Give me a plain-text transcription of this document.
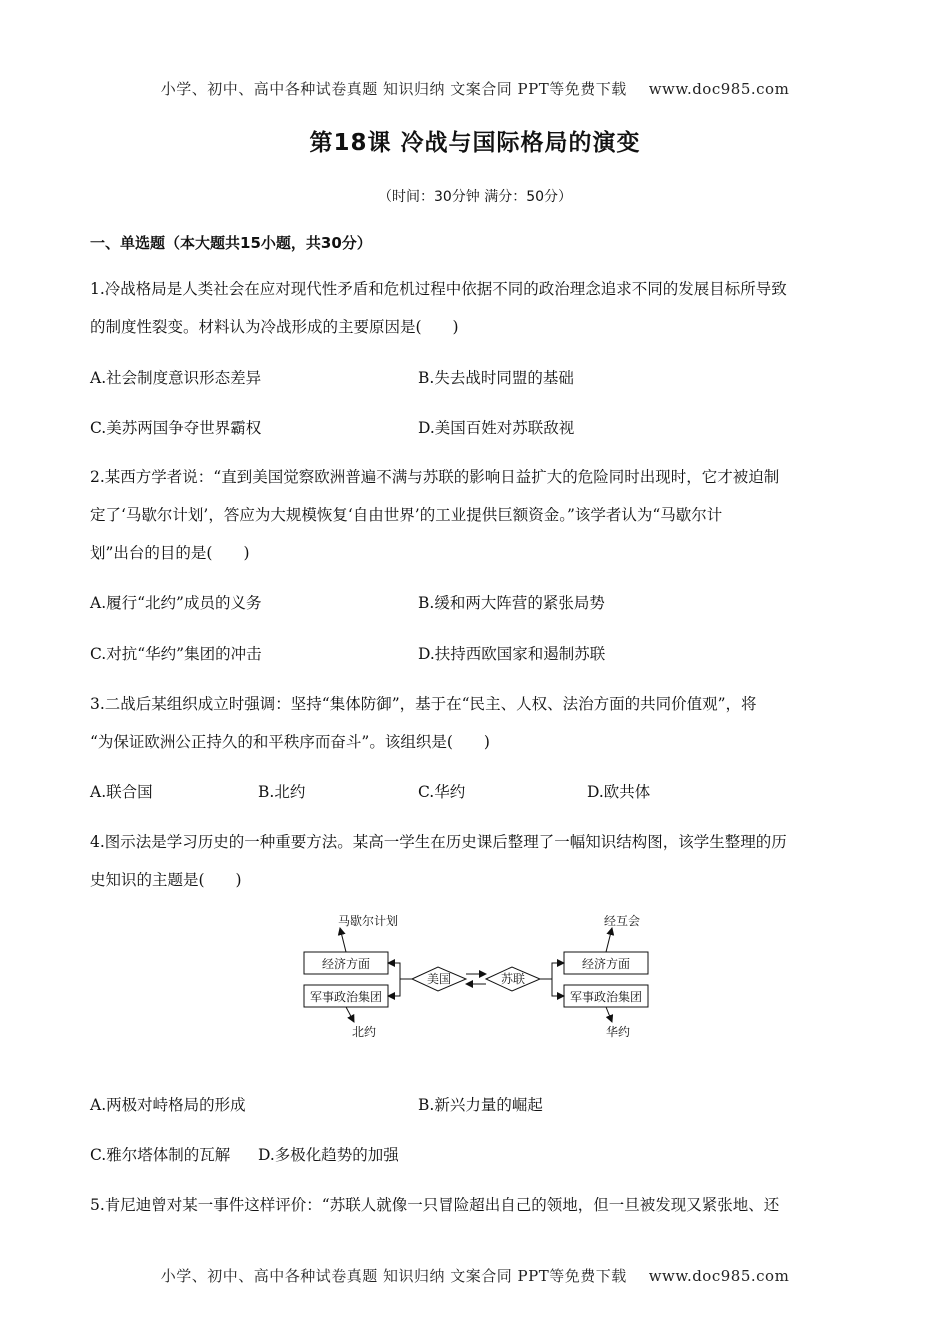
小学、初中、高中各种试卷真题 知识归纳 文案合同 PPT等免费下载 www.doc985.com
第18课 冷战与国际格局的演变
（时间：30分钟 满分：50分）
一、单选题（本大题共15小题，共30分）
1.冷战格局是人类社会在应对现代性矛盾和危机过程中依据不同的政治理念追求不同的发展目标所导致
的制度性裂变。材料认为冷战形成的主要原因是(　　)
A.社会制度意识形态差异	B.失去战时同盟的基础
C.美苏两国争夺世界霸权	D.美国百姓对苏联敌视
2.某西方学者说：“直到美国觉察欧洲普遍不满与苏联的影响日益扩大的危险同时出现时，它才被迫制
定了‘马歇尔计划’，答应为大规模恢复‘自由世界’的工业提供巨额资金。”该学者认为“马歇尔计
划”出台的目的是(　　)
A.履行“北约”成员的义务	B.缓和两大阵营的紧张局势
C.对抗“华约”集团的冲击	D.扶持西欧国家和遏制苏联
3.二战后某组织成立时强调：坚持“集体防御”，基于在“民主、人权、法治方面的共同价值观”，将
“为保证欧洲公正持久的和平秩序而奋斗”。该组织是(　　)
A.联合国	B.北约	C.华约	D.欧共体
4.图示法是学习历史的一种重要方法。某高一学生在历史课后整理了一幅知识结构图，该学生整理的历
史知识的主题是(　　)
马歇尔计划
经济方面
军事政治集团
北约
美国	苏联
经互会
经济方面
军事政治集团
华约
A.两极对峙格局的形成	B.新兴力量的崛起
C.雅尔塔体制的瓦解 D.多极化趋势的加强
5.肯尼迪曾对某一事件这样评价：“苏联人就像一只冒险超出自己的领地，但一旦被发现又紧张地、还
小学、初中、高中各种试卷真题 知识归纳 文案合同 PPT等免费下载 www.doc985.com
